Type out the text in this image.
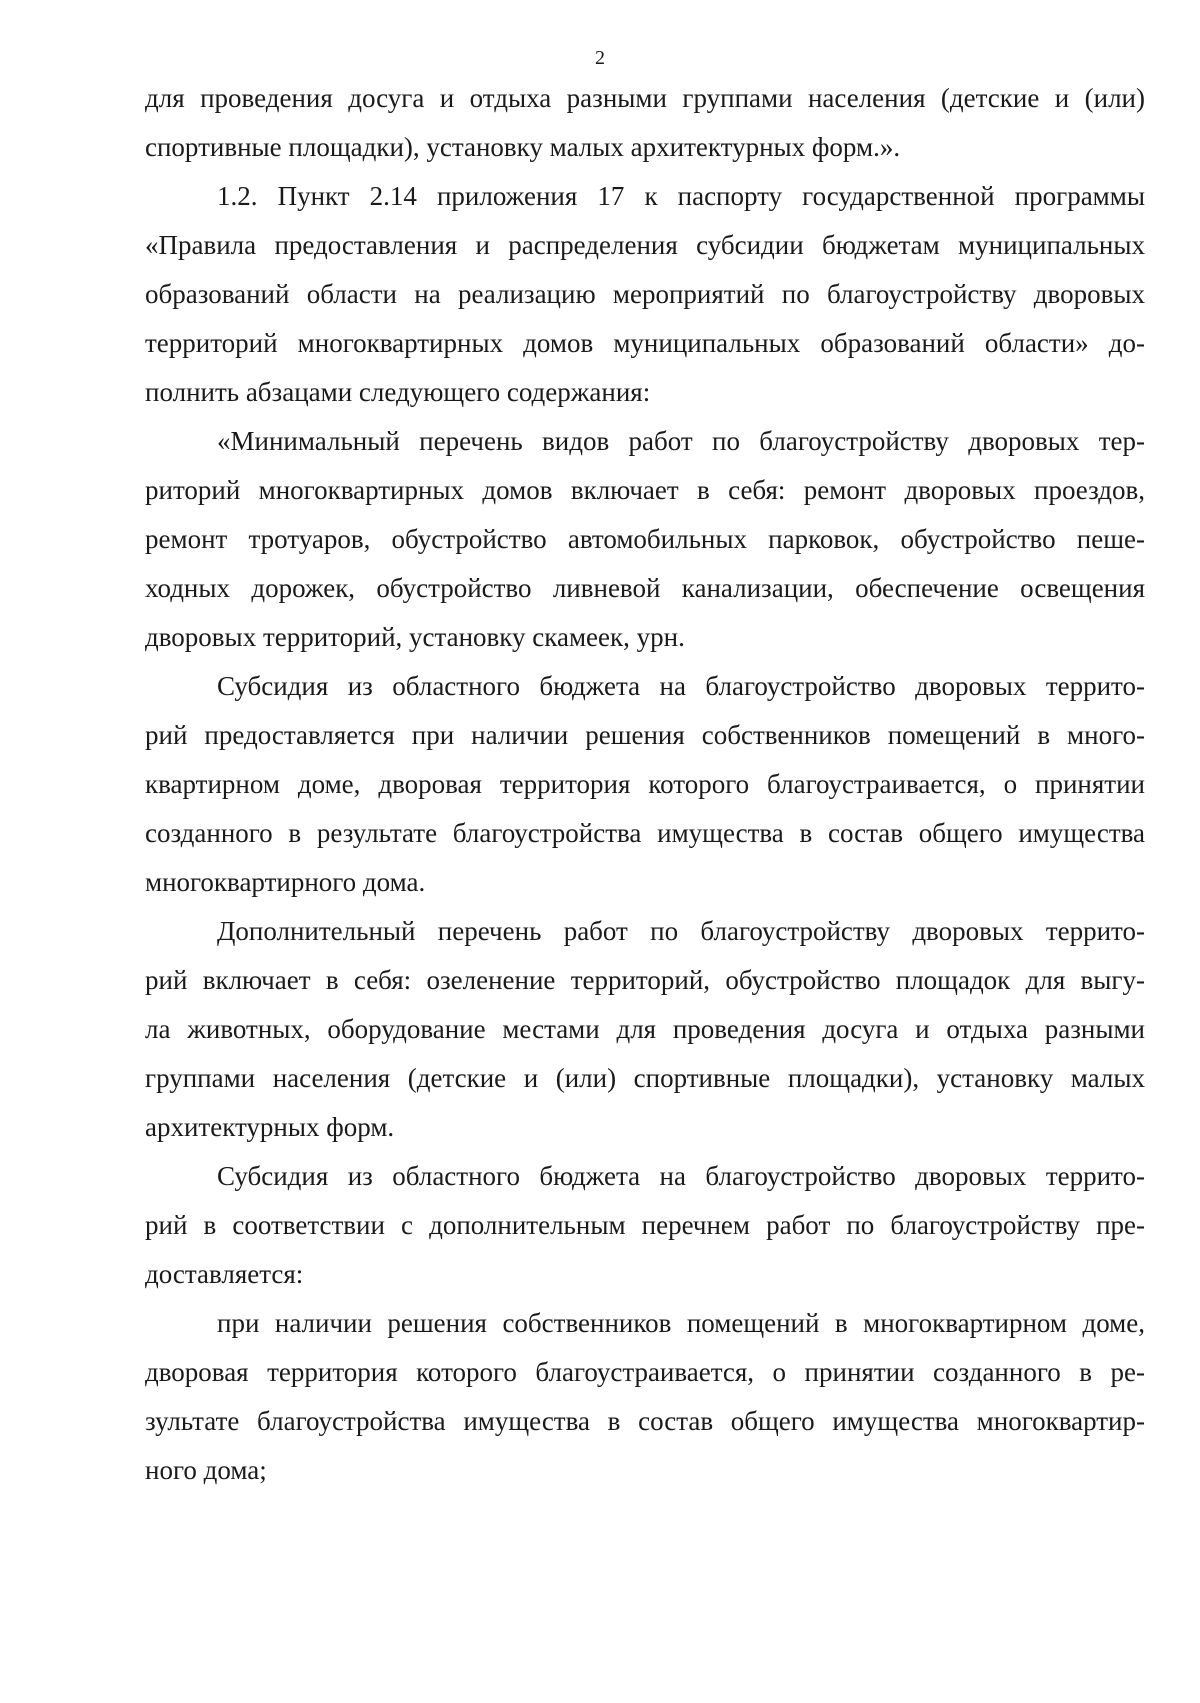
2
для проведения досуга и отдыха разными группами населения (детские и (или)
спортивные площадки), установку малых архитектурных форм.».
1.2. Пункт 2.14 приложения 17 к паспорту государственной программы
«Правила предоставления и распределения субсидии бюджетам муниципальных
образований области на реализацию мероприятий по благоустройству дворовых
территорий многоквартирных домов муниципальных образований области» до-
полнить абзацами следующего содержания:
«Минимальный перечень видов работ по благоустройству дворовых тер-
риторий многоквартирных домов включает в себя: ремонт дворовых проездов,
ремонт тротуаров, обустройство автомобильных парковок, обустройство пеше-
ходных дорожек, обустройство ливневой канализации, обеспечение освещения
дворовых территорий, установку скамеек, урн.
Субсидия из областного бюджета на благоустройство дворовых террито-
рий предоставляется при наличии решения собственников помещений в много-
квартирном доме, дворовая территория которого благоустраивается, о принятии
созданного в результате благоустройства имущества в состав общего имущества
многоквартирного дома.
Дополнительный перечень работ по благоустройству дворовых террито-
рий включает в себя: озеленение территорий, обустройство площадок для выгу-
ла животных, оборудование местами для проведения досуга и отдыха разными
группами населения (детские и (или) спортивные площадки), установку малых
архитектурных форм.
Субсидия из областного бюджета на благоустройство дворовых террито-
рий в соответствии с дополнительным перечнем работ по благоустройству пре-
доставляется:
при наличии решения собственников помещений в многоквартирном доме,
дворовая территория которого благоустраивается, о принятии созданного в ре-
зультате благоустройства имущества в состав общего имущества многоквартир-
ного дома;
